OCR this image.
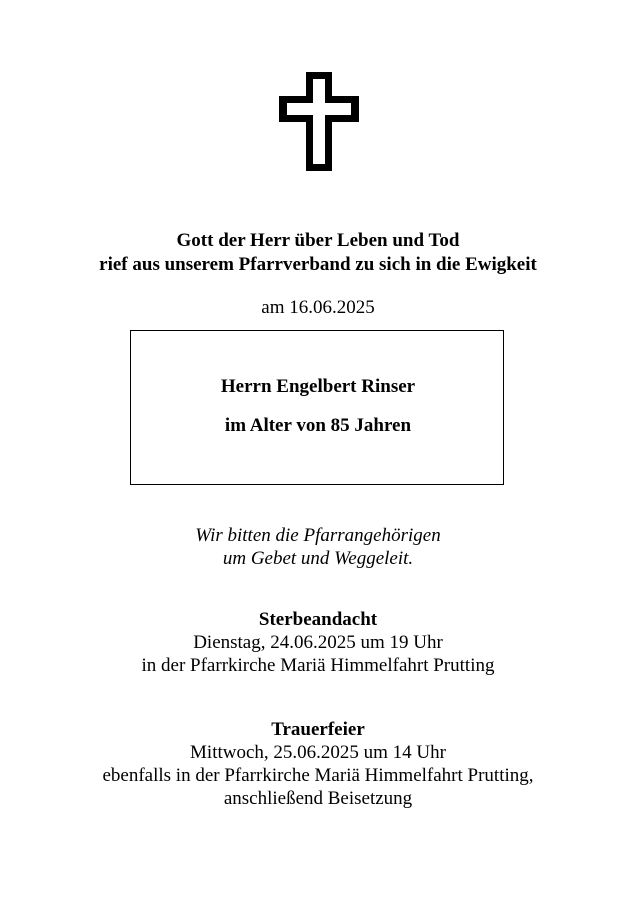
Gott der Herr über Leben und Tod
rief aus unserem Pfarrverband zu sich in die Ewigkeit
am 16.06.2025
Herrn Engelbert Rinser
im Alter von 85 Jahren
Wir bitten die Pfarrangehörigen
um Gebet und Weggeleit.
Sterbeandacht
Dienstag, 24.06.2025 um 19 Uhr
in der Pfarrkirche Mariä Himmelfahrt Prutting
Trauerfeier
Mittwoch, 25.06.2025 um 14 Uhr
ebenfalls in der Pfarrkirche Mariä Himmelfahrt Prutting,
anschließend Beisetzung
